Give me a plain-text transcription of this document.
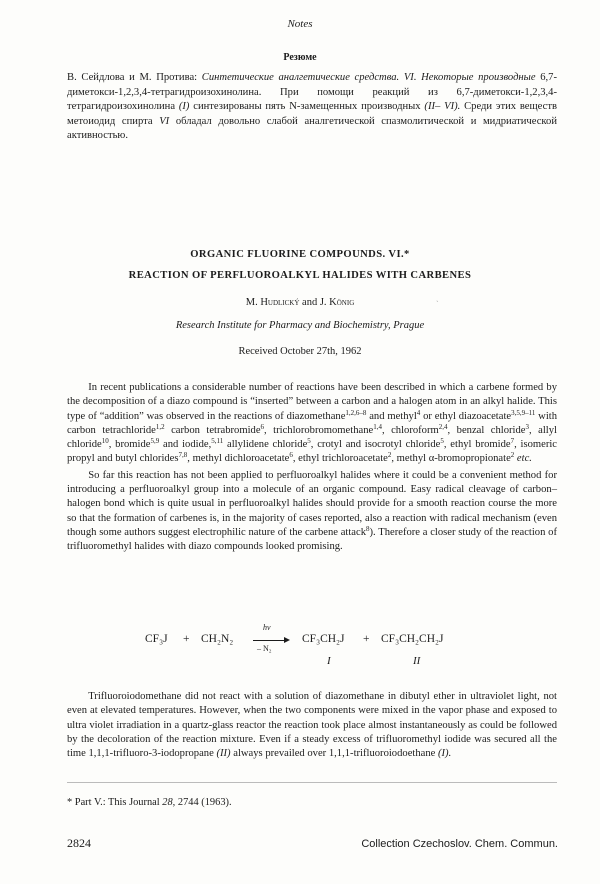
Notes
Резюме
В. Сейдлова и М. Протива: Синтетические аналгетические средства. VI. Некоторые производные 6,7-диметокси-1,2,3,4-тетрагидроизохинолина. При помощи реакций из 6,7-диметокси-1,2,3,4-тетрагидроизохинолина (I) синтезированы пять N-замещенных производных (II– VI). Среди этих веществ метоиодид спирта VI обладал довольно слабой аналгетической спазмолитической и мидриатической активностью.
ORGANIC FLUORINE COMPOUNDS. VI.*
REACTION OF PERFLUOROALKYL HALIDES WITH CARBENES
M. Hudlický and J. König	ˎ
Research Institute for Pharmacy and Biochemistry, Prague
Received October 27th, 1962

  In recent publications a considerable number of reactions have been described in which a carbene formed by the decomposition of a diazo compound is “inserted” between a carbon and a halogen atom in an alkyl halide. This type of “addition” was observed in the reactions of diazomethane$^{1,2,6-8}$ and methyl$^4$ or ethyl diazoacetate$^{3,5,9-11}$ with carbon tetrachloride$^{1,2}$ carbon tetrabromide$^6$, trichlorobromomethane$^{1,4}$, chloroform$^{2,4}$, benzal chloride$^3$, allyl chloride$^{10}$, bromide$^{5,9}$ and iodide,$^{5,11}$ allylidene chloride$^5$, crotyl and isocrotyl chloride$^5$, ethyl bromide$^7$, isomeric propyl and butyl chlorides$^{7,8}$, methyl dichloroacetate$^6$, ethyl trichloroacetate$^2$, methyl α-bromopropionate$^2$ etc.

  So far this reaction has not been applied to perfluoroalkyl halides where it could be a convenient method for introducing a perfluoroalkyl group into a molecule of an organic compound. Easy radical cleavage of carbon–halogen bond which is quite usual in perfluoroalkyl halides should provide for a smooth reaction course the more so that the formation of carbenes is, in the majority of cases reported, also a reaction with radical mechanism (even though some authors suggest electrophilic nature of the carbene attack$^8$). Therefore a closer study of the reaction of trifluoromethyl halides with diazo compounds looked promising.

CF₃J + CH₂N₂
hν
– N₂
CF₃CH₂J + CF₃CH₂CH₂J
I	II
  Trifluoroiodomethane did not react with a solution of diazomethane in dibutyl ether in ultraviolet light, not even at elevated temperatures. However, when the two components were mixed in the vapor phase and exposed to ultra violet irradiation in a quartz-glass reactor the reaction took place almost instantaneously as could be followed by the decoloration of the reaction mixture. Even if a steady excess of trifluoromethyl iodide was secured all the time 1,1,1-trifluoro-3-iodopropane (II) always prevailed over 1,1,1-trifluoroiodoethane (I).
* Part V.: This Journal 28, 2744 (1963).
2824	Collection Czechoslov. Chem. Commun.
